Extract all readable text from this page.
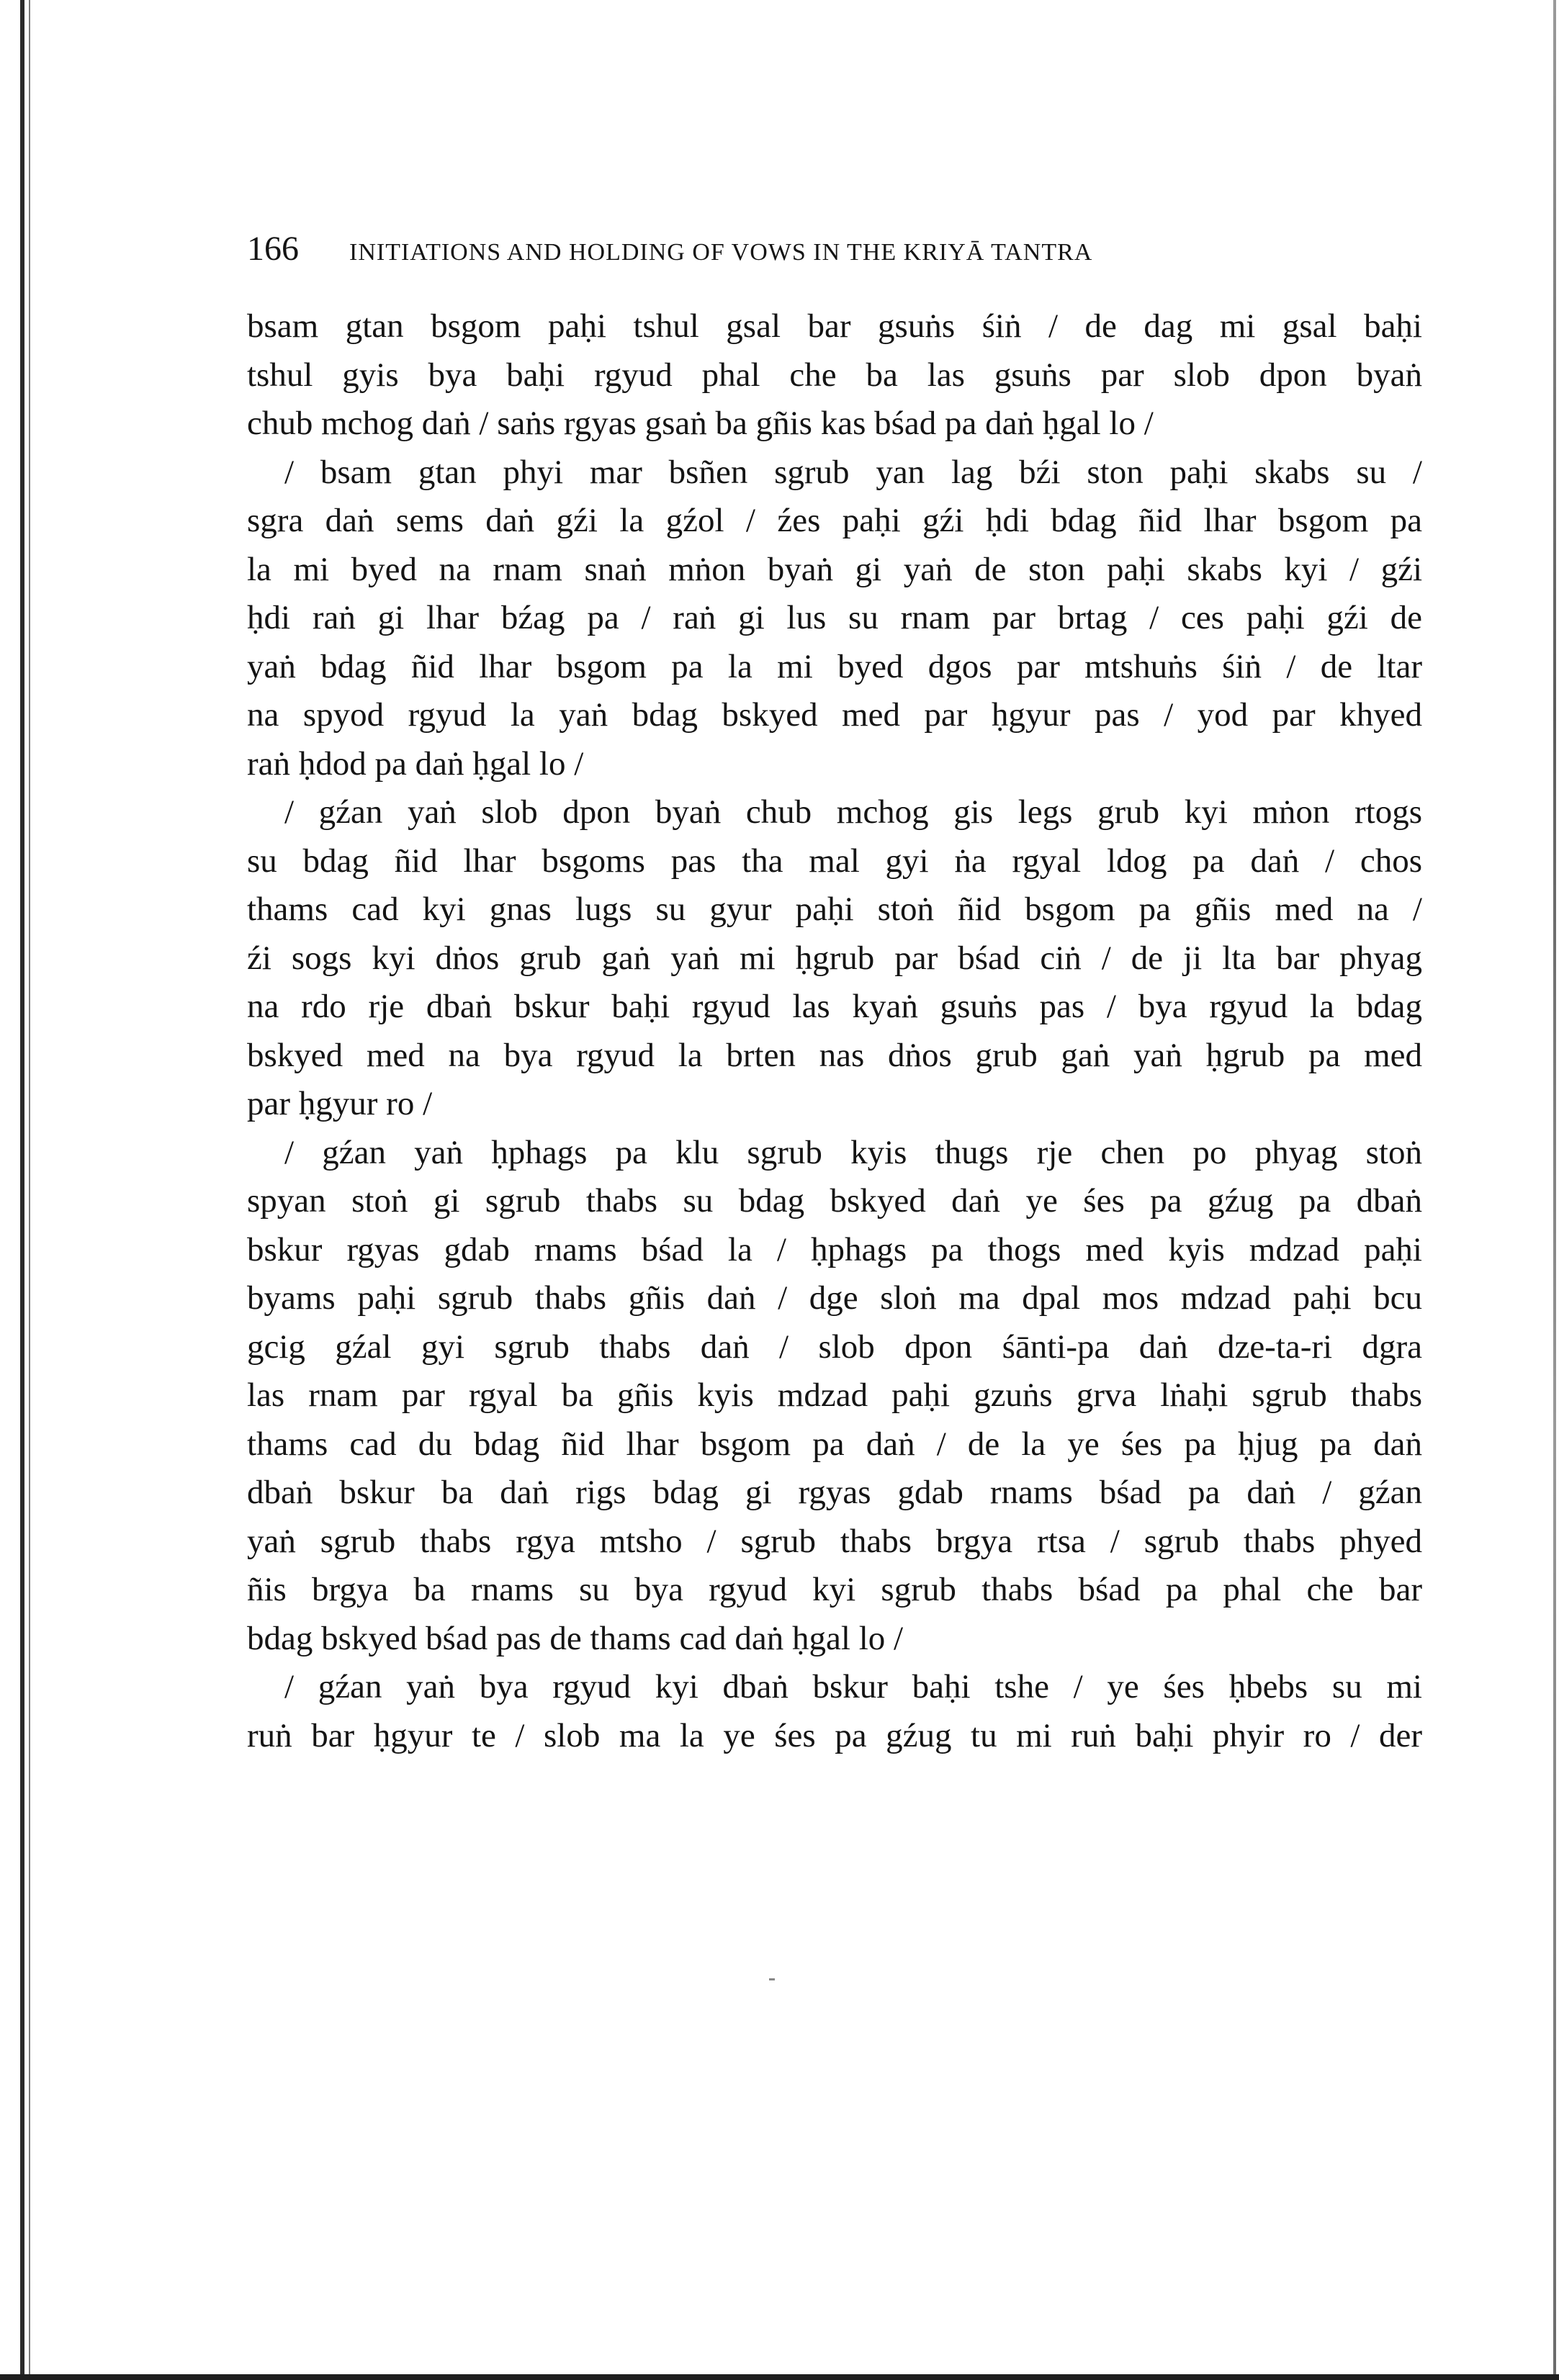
166 INITIATIONS AND HOLDING OF VOWS IN THE KRIYĀ TANTRA
bsam gtan bsgom paḥi tshul gsal bar gsuṅs śiṅ / de dag mi gsal baḥi
tshul gyis bya baḥi rgyud phal che ba las gsuṅs par slob dpon byaṅ
chub mchog daṅ / saṅs rgyas gsaṅ ba gñis kas bśad pa daṅ ḥgal lo /
/ bsam gtan phyi mar bsñen sgrub yan lag bźi ston paḥi skabs su /
sgra daṅ sems daṅ gźi la gźol / źes paḥi gźi ḥdi bdag ñid lhar bsgom pa
la mi byed na rnam snaṅ mṅon byaṅ gi yaṅ de ston paḥi skabs kyi / gźi
ḥdi raṅ gi lhar bźag pa / raṅ gi lus su rnam par brtag / ces paḥi gźi de
yaṅ bdag ñid lhar bsgom pa la mi byed dgos par mtshuṅs śiṅ / de ltar
na spyod rgyud la yaṅ bdag bskyed med par ḥgyur pas / yod par khyed
raṅ ḥdod pa daṅ ḥgal lo /
/ gźan yaṅ slob dpon byaṅ chub mchog gis legs grub kyi mṅon rtogs
su bdag ñid lhar bsgoms pas tha mal gyi ṅa rgyal ldog pa daṅ / chos
thams cad kyi gnas lugs su gyur paḥi stoṅ ñid bsgom pa gñis med na /
źi sogs kyi dṅos grub gaṅ yaṅ mi ḥgrub par bśad ciṅ / de ji lta bar phyag
na rdo rje dbaṅ bskur baḥi rgyud las kyaṅ gsuṅs pas / bya rgyud la bdag
bskyed med na bya rgyud la brten nas dṅos grub gaṅ yaṅ ḥgrub pa med
par ḥgyur ro /
/ gźan yaṅ ḥphags pa klu sgrub kyis thugs rje chen po phyag stoṅ
spyan stoṅ gi sgrub thabs su bdag bskyed daṅ ye śes pa gźug pa dbaṅ
bskur rgyas gdab rnams bśad la / ḥphags pa thogs med kyis mdzad paḥi
byams paḥi sgrub thabs gñis daṅ / dge sloṅ ma dpal mos mdzad paḥi bcu
gcig gźal gyi sgrub thabs daṅ / slob dpon śānti-pa daṅ dze-ta-ri dgra
las rnam par rgyal ba gñis kyis mdzad paḥi gzuṅs grva lṅaḥi sgrub thabs
thams cad du bdag ñid lhar bsgom pa daṅ / de la ye śes pa ḥjug pa daṅ
dbaṅ bskur ba daṅ rigs bdag gi rgyas gdab rnams bśad pa daṅ / gźan
yaṅ sgrub thabs rgya mtsho / sgrub thabs brgya rtsa / sgrub thabs phyed
ñis brgya ba rnams su bya rgyud kyi sgrub thabs bśad pa phal che bar
bdag bskyed bśad pas de thams cad daṅ ḥgal lo /
/ gźan yaṅ bya rgyud kyi dbaṅ bskur baḥi tshe / ye śes ḥbebs su mi
ruṅ bar ḥgyur te / slob ma la ye śes pa gźug tu mi ruṅ baḥi phyir ro / der
